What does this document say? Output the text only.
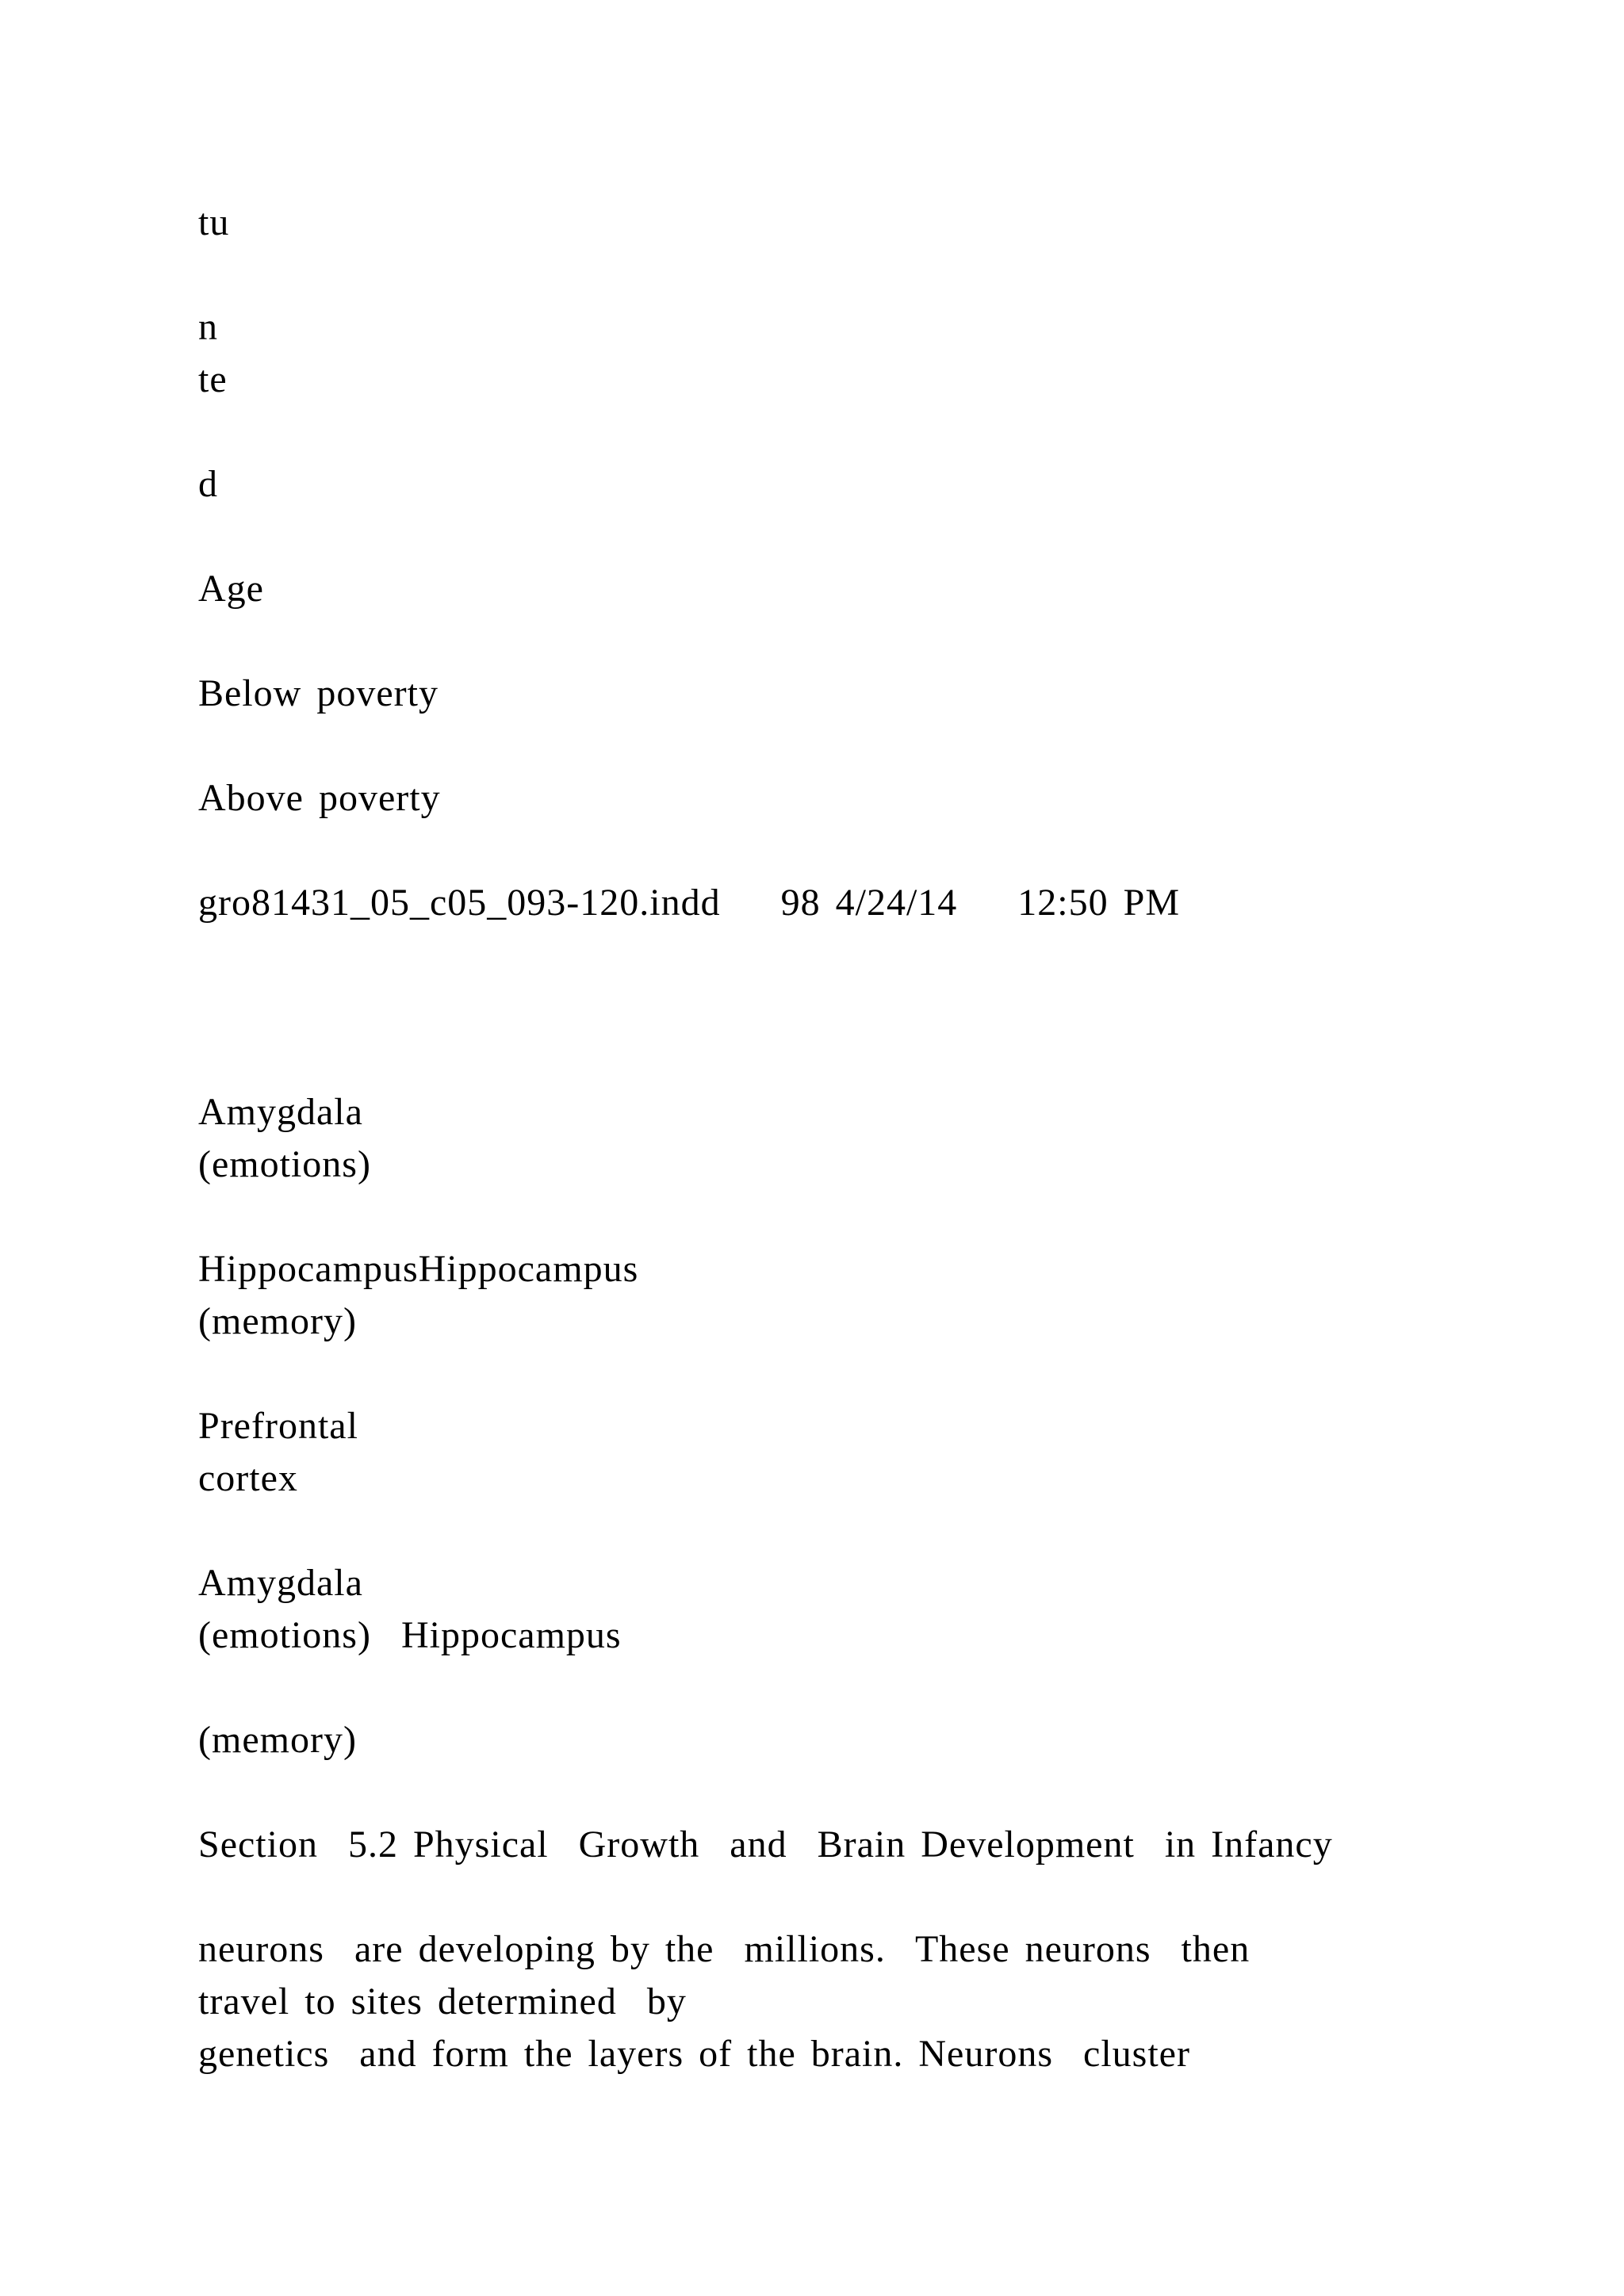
tu
n
te
d
Age
Below poverty
Above poverty
gro81431_05_c05_093-120.indd    98 4/24/14    12:50 PM
Amygdala
(emotions)
HippocampusHippocampus
(memory)
Prefrontal
cortex
Amygdala
(emotions)  Hippocampus
(memory)
Section  5.2 Physical  Growth  and  Brain Development  in Infancy
neurons  are developing by the  millions.  These neurons  then
travel to sites determined  by
genetics  and form the layers of the brain. Neurons  cluster
